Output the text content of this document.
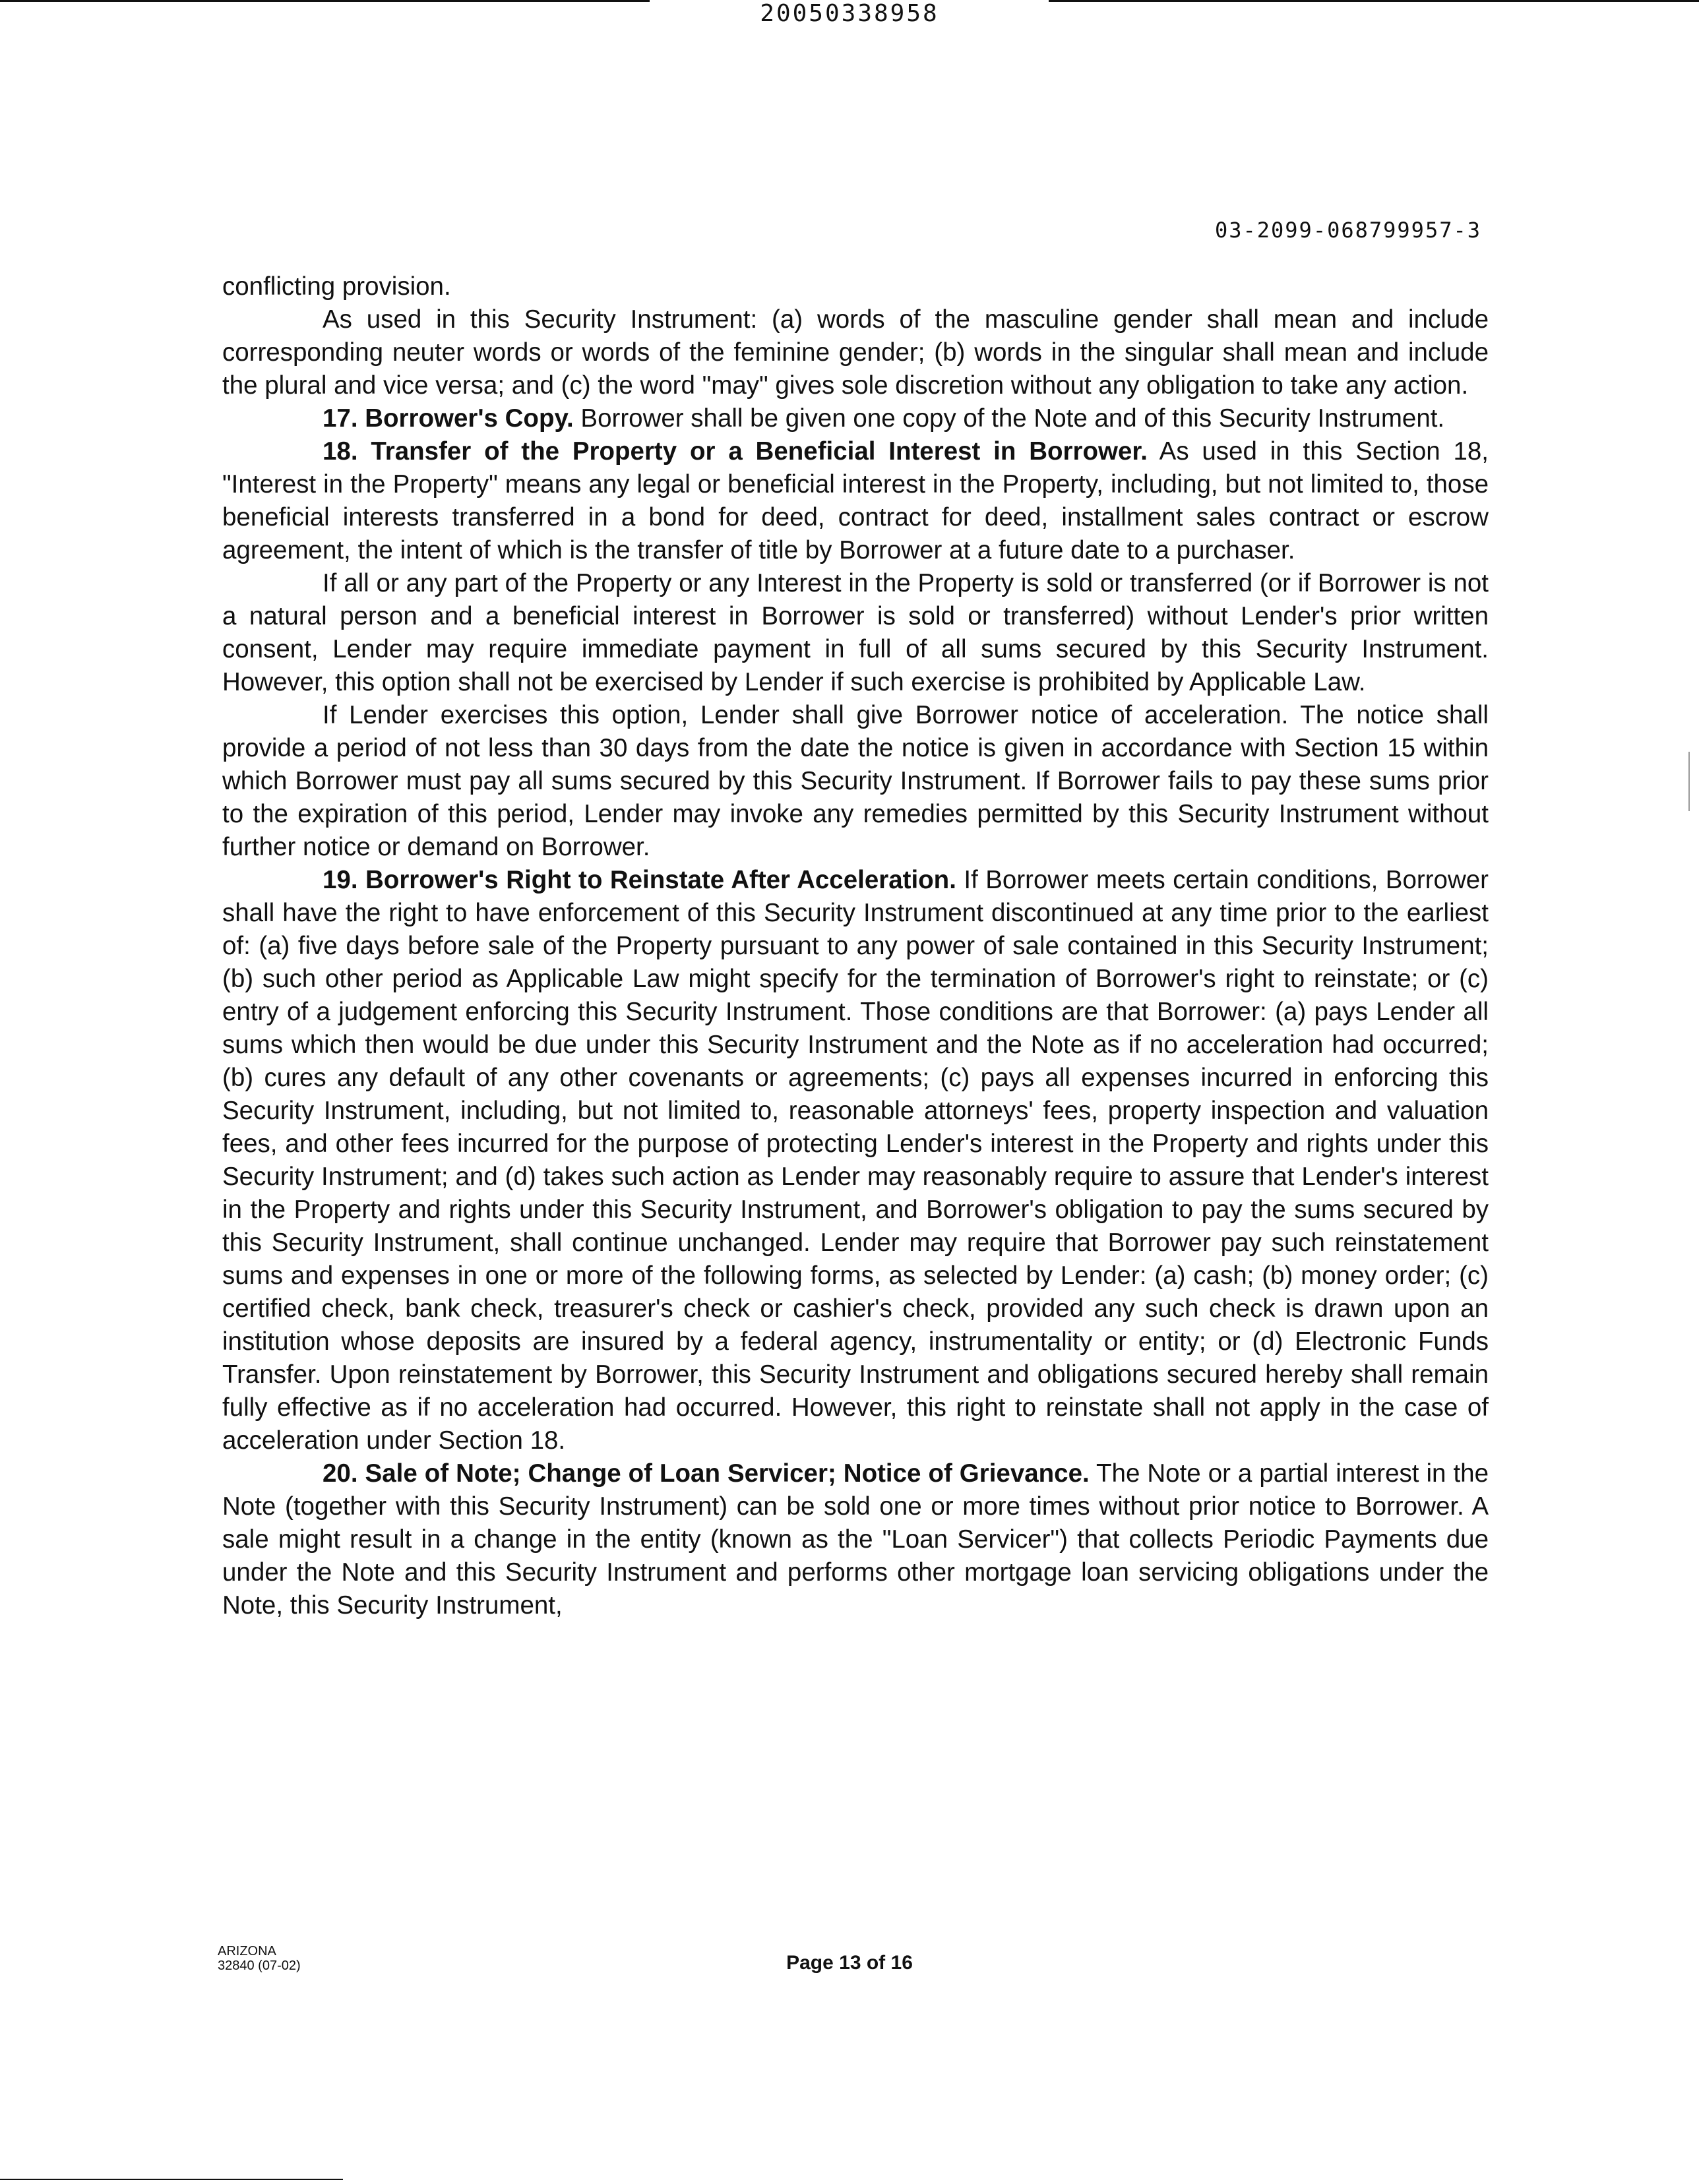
20050338958
03-2099-068799957-3

conflicting provision.

As used in this Security Instrument: (a) words of the masculine gender shall mean and include corresponding neuter words or words of the feminine gender; (b) words in the singular shall mean and include the plural and vice versa; and (c) the word "may" gives sole discretion without any obligation to take any action.

17. Borrower's Copy. Borrower shall be given one copy of the Note and of this Security Instrument.

18. Transfer of the Property or a Beneficial Interest in Borrower. As used in this Section 18, "Interest in the Property" means any legal or beneficial interest in the Property, including, but not limited to, those beneficial interests transferred in a bond for deed, contract for deed, installment sales contract or escrow agreement, the intent of which is the transfer of title by Borrower at a future date to a purchaser.

If all or any part of the Property or any Interest in the Property is sold or transferred (or if Borrower is not a natural person and a beneficial interest in Borrower is sold or transferred) without Lender's prior written consent, Lender may require immediate payment in full of all sums secured by this Security Instrument. However, this option shall not be exercised by Lender if such exercise is prohibited by Applicable Law.

If Lender exercises this option, Lender shall give Borrower notice of acceleration. The notice shall provide a period of not less than 30 days from the date the notice is given in accordance with Section 15 within which Borrower must pay all sums secured by this Security Instrument. If Borrower fails to pay these sums prior to the expiration of this period, Lender may invoke any remedies permitted by this Security Instrument without further notice or demand on Borrower.

19. Borrower's Right to Reinstate After Acceleration. If Borrower meets certain conditions, Borrower shall have the right to have enforcement of this Security Instrument discontinued at any time prior to the earliest of: (a) five days before sale of the Property pursuant to any power of sale contained in this Security Instrument; (b) such other period as Applicable Law might specify for the termination of Borrower's right to reinstate; or (c) entry of a judgement enforcing this Security Instrument. Those conditions are that Borrower: (a) pays Lender all sums which then would be due under this Security Instrument and the Note as if no acceleration had occurred; (b) cures any default of any other covenants or agreements; (c) pays all expenses incurred in enforcing this Security Instrument, including, but not limited to, reasonable attorneys' fees, property inspection and valuation fees, and other fees incurred for the purpose of protecting Lender's interest in the Property and rights under this Security Instrument; and (d) takes such action as Lender may reasonably require to assure that Lender's interest in the Property and rights under this Security Instrument, and Borrower's obligation to pay the sums secured by this Security Instrument, shall continue unchanged. Lender may require that Borrower pay such reinstatement sums and expenses in one or more of the following forms, as selected by Lender: (a) cash; (b) money order; (c) certified check, bank check, treasurer's check or cashier's check, provided any such check is drawn upon an institution whose deposits are insured by a federal agency, instrumentality or entity; or (d) Electronic Funds Transfer. Upon reinstatement by Borrower, this Security Instrument and obligations secured hereby shall remain fully effective as if no acceleration had occurred. However, this right to reinstate shall not apply in the case of acceleration under Section 18.

20. Sale of Note; Change of Loan Servicer; Notice of Grievance. The Note or a partial interest in the Note (together with this Security Instrument) can be sold one or more times without prior notice to Borrower. A sale might result in a change in the entity (known as the "Loan Servicer") that collects Periodic Payments due under the Note and this Security Instrument and performs other mortgage loan servicing obligations under the Note, this Security Instrument,

ARIZONA
32840 (07-02)	Page 13 of 16
